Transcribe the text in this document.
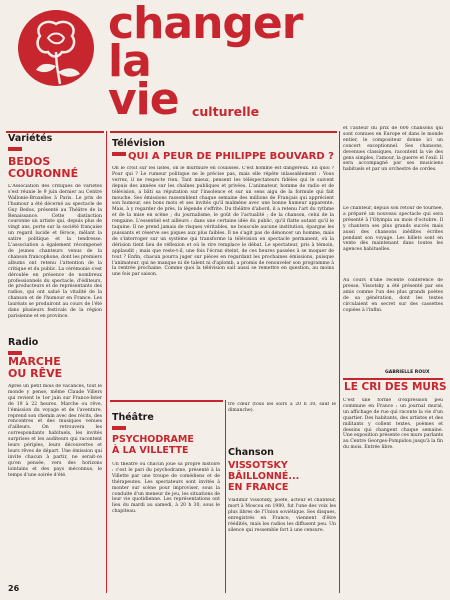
changer
la
vie culturelle
Variétés
BEDOS
COURONNÉ
L'Association des critiques de variétés s'est réunie le 9 juin dernier au Centre Wallonie-Bruxelles à Paris. Le prix de l'humour a été décerné au spectacle de Guy Bedos, présenté au Théâtre de la Renaissance. Cette distinction couronne un artiste qui, depuis plus de vingt ans, porte sur la société française un regard lucide et féroce, mêlant la satire politique et la tendresse. L'association a également récompensé de jeunes chanteurs venus de la chanson francophone, dont les premiers albums ont retenu l'attention de la critique et du public. La cérémonie s'est déroulée en présence de nombreux professionnels du spectacle, d'éditeurs, de producteurs et de représentants des radios, qui ont salué la vitalité de la chanson et de l'humour en France. Les lauréats se produiront au cours de l'été dans plusieurs festivals de la région parisienne et en province.
Radio
MARCHE
OU RÊVE
Après un petit mois de vacances, tout le monde y pense, même Claude Villers qui revient le 1er juin sur France-Inter de 19 à 22 heures. Marche ou rêve, l'émission du voyage et de l'aventure, reprend son chemin avec des récits, des rencontres et des musiques venues d'ailleurs. On retrouvera les correspondants habituels, les invités surprises et les auditeurs qui racontent leurs périples, leurs découvertes et leurs rêves de départ. Une émission qui invite chacun à partir, ne serait-ce qu'en pensée, vers des horizons lointains et des pays méconnus, le temps d'une soirée d'été.
26
Télévision
QUI A PEUR DE PHILIPPE BOUVARD ?
On le croit sur les listes, on le murmure en coulisses. C'est homme est dangereux. En quoi ? Pour qui ? Le rumeur politique ne le précise pas, mais elle répète inlassablement : Vous verrez, il ne respecte rien. Tant mieux, pensent les téléspectateurs fidèles qui le suivent depuis des années sur les chaînes publiques et privées. L'animateur, homme de radio et de télévision, a bâti sa réputation sur l'insolence et sur un sens aigu de la formule qui fait mouche. Ses émissions rassemblent chaque semaine des millions de Français qui apprécient son humour, ses bons mots et ses invités qu'il malmène avec une bonne humeur apparente. Mais, à y regarder de près, la légende s'effrite. Du théâtre d'abord, il a retenu l'art du rythme et de la mise en scène ; du journalisme, le goût de l'actualité ; de la chanson, celui de la rengaine. L'essentiel est ailleurs : dans une certaine idée du public, qu'il flatte autant qu'il le taquine. Il ne prend jamais de risques véritables, ne bouscule aucune institution, épargne les puissants et réserve ses piques aux plus faibles. Il ne s'agit pas de dénoncer un homme, mais de s'interroger sur un système qui transforme la télévision en spectacle permanent, où la dérision tient lieu de réflexion et où le rire remplace le débat. Le spectateur, pris à témoin, applaudit ; mais que reste-t-il, une fois l'écran éteint, de ces heures passées à se moquer de tout ? Enfin, chacun pourra juger sur pièces en regardant les prochaines émissions, puisque l'animateur, qui ne manque ni de talent ni d'aplomb, a promis de renouveler son programme à la rentrée prochaine. Comme quoi la télévision sait aussi se remettre en question, au moins une fois par saison.
Théâtre
PSYCHODRAME
À LA VILLETTE
Un théâtre où chacun joue sa propre histoire : c'est le pari du psychodrame, présenté à la Villette par une troupe de comédiens et de thérapeutes. Les spectateurs sont invités à monter sur scène pour improviser, sous la conduite d'un meneur de jeu, les situations de leur vie quotidienne. Les représentations ont lieu du mardi au samedi, à 20 h 30, sous le chapiteau.
tre cœur (tous les soirs à 20 h 30, sauf le dimanche).
Chanson
VISSOTSKY
BÂILLONNÉ...
EN FRANCE
Vladimir Vissotsky, poète, acteur et chanteur, mort à Moscou en 1980, fut l'une des voix les plus libres de l'Union soviétique. Ses disques, enregistrés en France, viennent d'être réédités, mais les radios les diffusent peu. Un silence qui ressemble fort à une censure.
et l'auteur du prix de 600 chansons qui sont connues en Europe et dans le monde entier, le compositeur donne ici un concert exceptionnel. Ses chansons, devenues classiques, racontent la vie des gens simples, l'amour, la guerre et l'exil. Il sera accompagné par ses musiciens habituels et par un orchestre de cordes.
Le chanteur, depuis son retour de tournée, a préparé un nouveau spectacle qui sera présenté à l'Olympia au mois d'octobre. Il y chantera ses plus grands succès mais aussi des chansons inédites écrites pendant son voyage. Les billets sont en vente dès maintenant dans toutes les agences habituelles.
Au cours d'une récente conférence de presse, Vissotsky a été présenté par ses amis comme l'un des plus grands poètes de sa génération, dont les textes circulaient en secret sur des cassettes copiées à l'infini.
GABRIELLE ROUX
LE CRI DES MURS
C'est une forme d'expression peu commune en France : un journal mural, un affichage de rue qui raconte la vie d'un quartier. Des habitants, des artistes et des militants y collent textes, poèmes et dessins qui changent chaque semaine. Une exposition présente ces murs parlants au Centre Georges-Pompidou jusqu'à la fin du mois. Entrée libre.
